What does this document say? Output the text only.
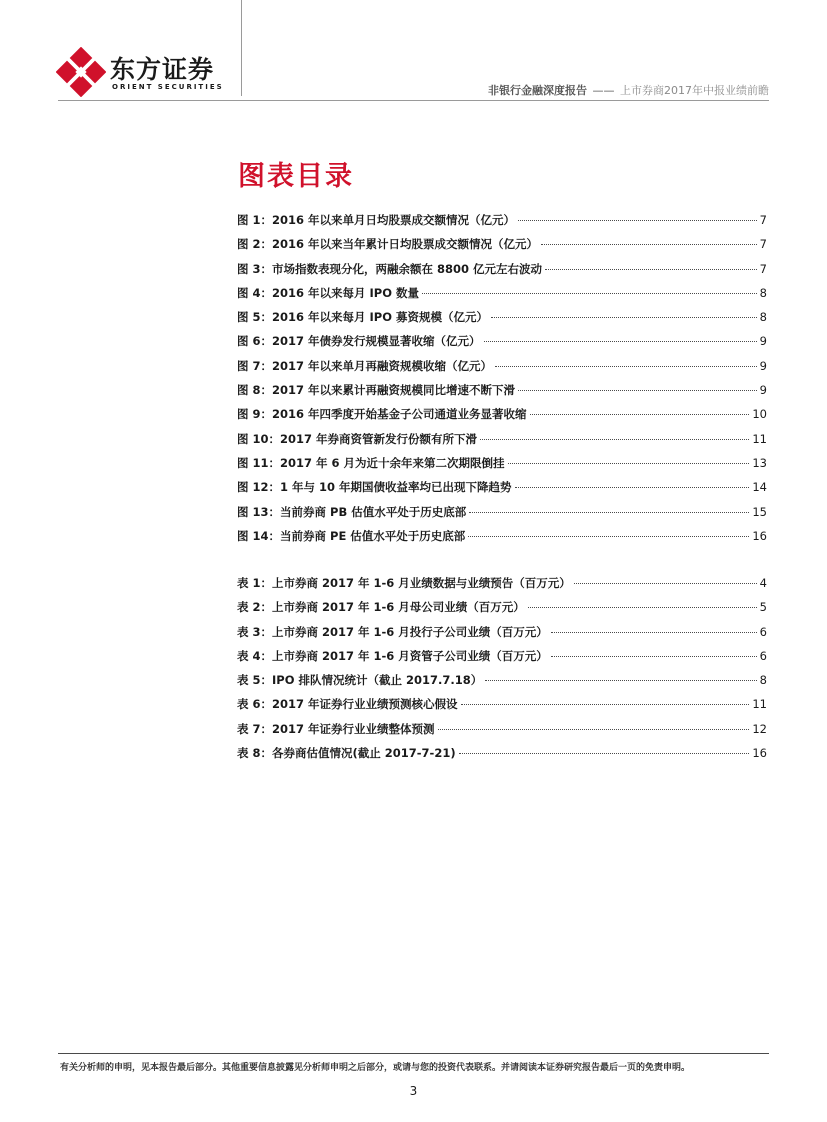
东方证券
ORIENT SECURITIES	非银行金融深度报告 —— 上市券商2017年中报业绩前瞻
图表目录
图 1：2016 年以来单月日均股票成交额情况（亿元）	7
图 2：2016 年以来当年累计日均股票成交额情况（亿元）	7
图 3：市场指数表现分化，两融余额在 8800 亿元左右波动	7
图 4：2016 年以来每月 IPO 数量	8
图 5：2016 年以来每月 IPO 募资规模（亿元）	8
图 6：2017 年债券发行规模显著收缩（亿元）	9
图 7：2017 年以来单月再融资规模收缩（亿元）	9
图 8：2017 年以来累计再融资规模同比增速不断下滑	9
图 9：2016 年四季度开始基金子公司通道业务显著收缩	10
图 10：2017 年券商资管新发行份额有所下滑	11
图 11：2017 年 6 月为近十余年来第二次期限倒挂	13
图 12：1 年与 10 年期国债收益率均已出现下降趋势	14
图 13：当前券商 PB 估值水平处于历史底部	15
图 14：当前券商 PE 估值水平处于历史底部	16
表 1：上市券商 2017 年 1-6 月业绩数据与业绩预告（百万元）	4
表 2：上市券商 2017 年 1-6 月母公司业绩（百万元）	5
表 3：上市券商 2017 年 1-6 月投行子公司业绩（百万元）	6
表 4：上市券商 2017 年 1-6 月资管子公司业绩（百万元）	6
表 5：IPO 排队情况统计（截止 2017.7.18）	8
表 6：2017 年证券行业业绩预测核心假设	11
表 7：2017 年证券行业业绩整体预测	12
表 8：各券商估值情况(截止 2017-7-21)	16
有关分析师的申明，见本报告最后部分。其他重要信息披露见分析师申明之后部分，或请与您的投资代表联系。并请阅读本证券研究报告最后一页的免责申明。
3
